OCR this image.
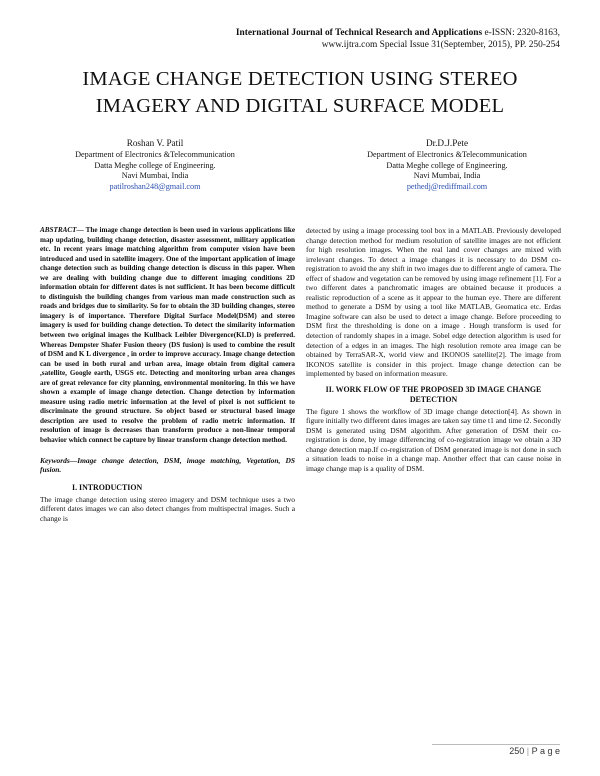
International Journal of Technical Research and Applications e-ISSN: 2320-8163,
www.ijtra.com Special Issue 31(September, 2015), PP. 250-254
IMAGE CHANGE DETECTION USING STEREO
IMAGERY AND DIGITAL SURFACE MODEL
Roshan V. Patil
Department of Electronics &Telecommunication
Datta Meghe college of Engineering.
Navi Mumbai, India
patilroshan248@gmail.com
Dr.D.J.Pete
Department of Electronics &Telecommunication
Datta Meghe college of Engineering.
Navi Mumbai, India
pethedj@rediffmail.com

ABSTRACT— The image change detection is been used in various applications like map updating, building change detection, disaster assessment, military application etc. In recent years image matching algorithm from computer vision have been introduced and used in satellite imagery. One of the important application of image change detection such as building change detection is discuss in this paper. When we are dealing with building change due to different imaging conditions 2D information obtain for different dates is not sufficient. It has been become difficult to distinguish the building changes from various man made construction such as roads and bridges due to similarity. So for to obtain the 3D building changes, stereo imagery is of importance. Therefore Digital Surface Model(DSM) and stereo imagery is used for building change detection. To detect the similarity information between two original images the Kullback Leibler Divergence(KLD) is preferred. Whereas Dempster Shafer Fusion theory (DS fusion) is used to combine the result of DSM and K L divergence , in order to improve accuracy. Image change detection can be used in both rural and urban area, image obtain from digital camera ,satellite, Google earth, USGS etc. Detecting and monitoring urban area changes are of great relevance for city planning, environmental monitoring. In this we have shown a example of image change detection. Change detection by information measure using radio metric information at the level of pixel is not sufficient to discriminate the ground structure. So object based or structural based image description are used to resolve the problem of radio metric information. If resolution of image is decreases than transform produce a non-linear temporal behavior which connect be capture by linear transform change detection method.

Keywords—Image change detection, DSM, image matching, Vegetation, DS fusion.

I. INTRODUCTION

The image change detection using stereo imagery and DSM technique uses a two different dates images we can also detect changes from multispectral images. Such a change is

detected by using a image processing tool box in a MATLAB. Previously developed change detection method for medium resolution of satellite images are not efficient for high resolution images. When the real land cover changes are mixed with irrelevant changes. To detect a image changes it is necessary to do DSM co-registration to avoid the any shift in two images due to different angle of camera. The effect of shadow and vegetation can be removed by using image refinement [1]. For a two different dates a panchromatic images are obtained because it produces a realistic reproduction of a scene as it appear to the human eye. There are different method to generate a DSM by using a tool like MATLAB, Geomatica etc. Erdas Imagine software can also be used to detect a image change. Before proceeding to DSM first the thresholding is done on a image . Hough transform is used for detection of randomly shapes in a image. Sobel edge detection algorithm is used for detection of a edges in an images. The high resolution remote area image can be obtained by TerraSAR-X, world view and IKONOS satellite[2]. The image from IKONOS satellite is consider in this project. Image change detection can be implemented by based on information measure.

II. WORK FLOW OF THE PROPOSED 3D IMAGE CHANGE DETECTION

The figure 1 shows the workflow of 3D image change detection[4]. As shown in figure initially two different dates images are taken say time t1 and time t2. Secondly DSM is generated using DSM algorithm. After generation of DSM their co-registration is done, by image differencing of co-registration image we obtain a 3D change detection map.If co-registration of DSM generated image is not done in such a situation leads to noise in a change map. Another effect that can cause noise in image change map is a quality of DSM.

250 | P a g e
